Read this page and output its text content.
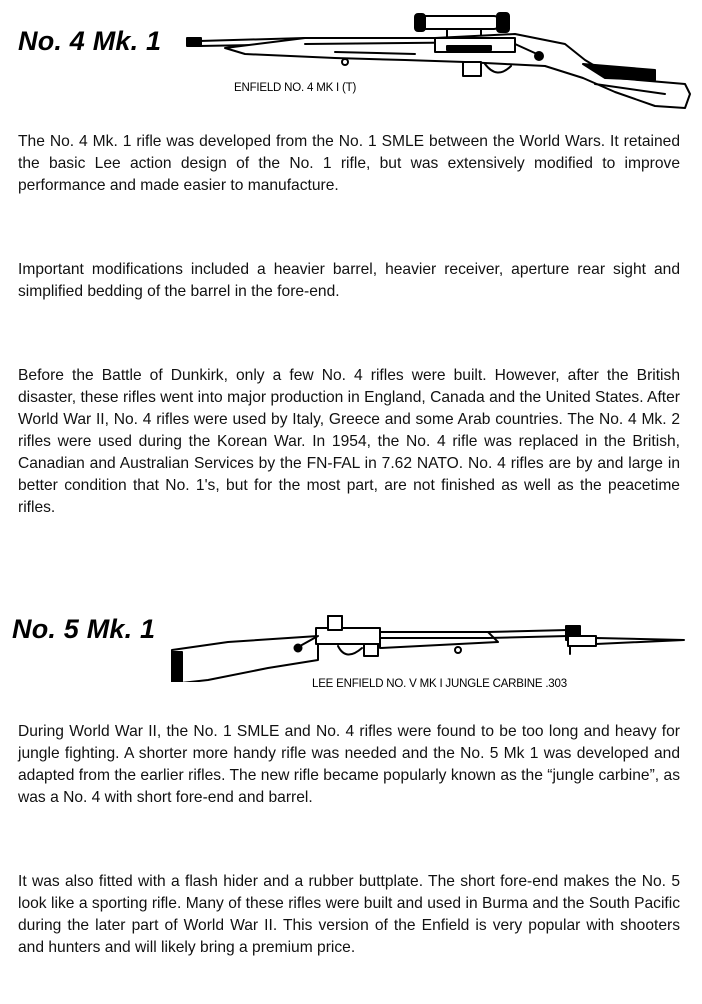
No. 4 Mk. 1

ENFIELD NO. 4 MK I (T)

The No. 4 Mk. 1 rifle was developed from the No. 1 SMLE between the World Wars. It retained the basic Lee action design of the No. 1 rifle, but was extensively modified to improve performance and made easier to manufacture.

Important modifications included a heavier barrel, heavier receiver, aperture rear sight and simplified bedding of the barrel in the fore-end.

Before the Battle of Dunkirk, only a few No. 4 rifles were built. However, after the British disaster, these rifles went into major production in England, Canada and the United States. After World War II, No. 4 rifles were used by Italy, Greece and some Arab countries. The No. 4 Mk. 2 rifles were used during the Korean War. In 1954, the No. 4 rifle was replaced in the British, Canadian and Australian Services by the FN-FAL in 7.62 NATO. No. 4 rifles are by and large in better condition that No. 1's, but for the most part, are not finished as well as the peacetime rifles.

No. 5 Mk. 1

LEE ENFIELD NO. V MK I JUNGLE CARBINE .303

During World War II, the No. 1 SMLE and No. 4 rifles were found to be too long and heavy for jungle fighting. A shorter more handy rifle was needed and the No. 5 Mk 1 was developed and adapted from the earlier rifles. The new rifle became popularly known as the “jungle carbine”, as was a No. 4 with short fore-end and barrel.

It was also fitted with a flash hider and a rubber buttplate. The short fore-end makes the No. 5 look like a sporting rifle. Many of these rifles were built and used in Burma and the South Pacific during the later part of World War II. This version of the Enfield is very popular with shooters and hunters and will likely bring a premium price.
